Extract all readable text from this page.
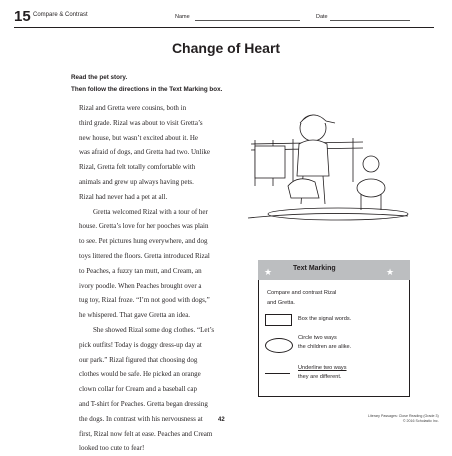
15 Compare & Contrast	Name	Date
Change of Heart
Read the pet story.
Then follow the directions in the Text Marking box.
Rizal and Gretta were cousins, both in
third grade. Rizal was about to visit Gretta’s
new house, but wasn’t excited about it. He
was afraid of dogs, and Gretta had two. Unlike
Rizal, Gretta felt totally comfortable with
animals and grew up always having pets.
Rizal had never had a pet at all.
Gretta welcomed Rizal with a tour of her
house. Gretta’s love for her pooches was plain
to see. Pet pictures hung everywhere, and dog
toys littered the floors. Gretta introduced Rizal
to Peaches, a fuzzy tan mutt, and Cream, an
ivory poodle. When Peaches brought over a
tug toy, Rizal froze. “I’m not good with dogs,”
he whispered. That gave Gretta an idea.
She showed Rizal some dog clothes. “Let’s
pick outfits! Today is doggy dress-up day at
our park.” Rizal figured that choosing dog
clothes would be safe. He picked an orange
clown collar for Cream and a baseball cap
and T-shirt for Peaches. Gretta began dressing
the dogs. In contrast with his nervousness at
first, Rizal now felt at ease. Peaches and Cream
looked too cute to fear!
★	★
Text Marking
Compare and contrast Rizal
and Gretta.
Box the signal words.
Circle two ways
the children are alike.
Underline two ways
they are different.
42
Literary Passages: Close Reading (Grade 3)
© 2016 Scholastic Inc.
